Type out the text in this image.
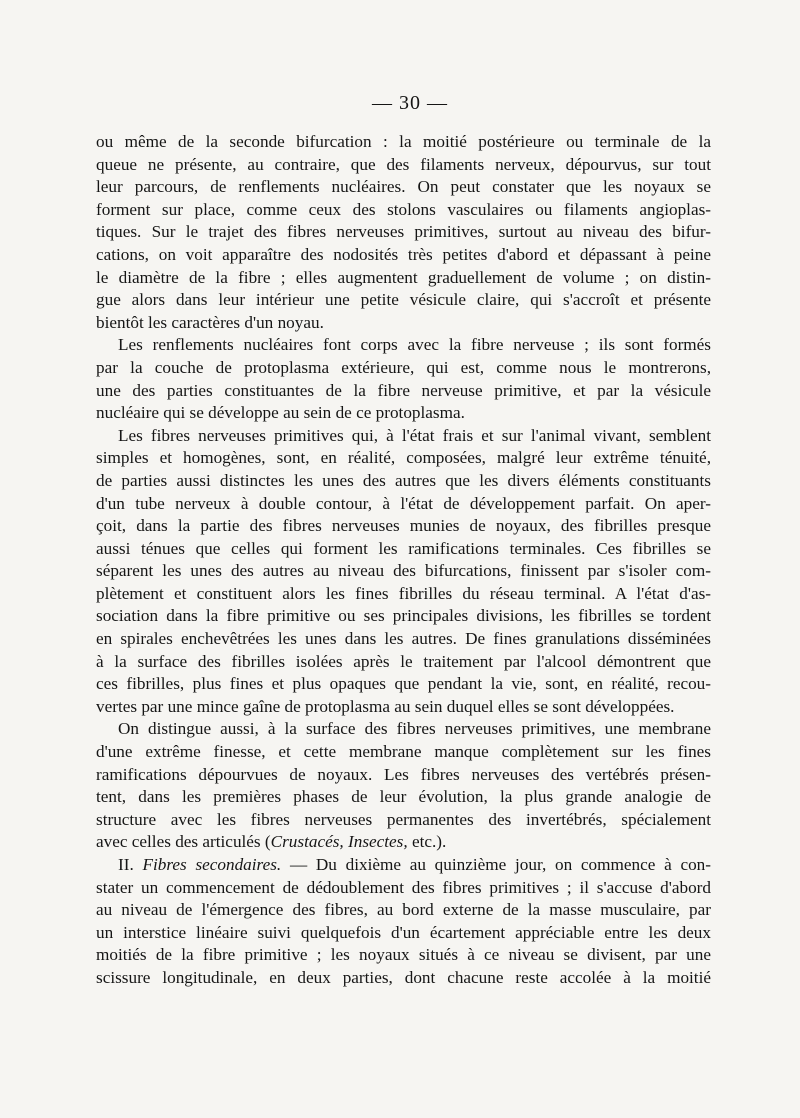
— 30 —
ou même de la seconde bifurcation : la moitié postérieure ou terminale de la
queue ne présente, au contraire, que des filaments nerveux, dépourvus, sur tout
leur parcours, de renflements nucléaires. On peut constater que les noyaux se
forment sur place, comme ceux des stolons vasculaires ou filaments angioplas-
tiques. Sur le trajet des fibres nerveuses primitives, surtout au niveau des bifur-
cations, on voit apparaître des nodosités très petites d'abord et dépassant à peine
le diamètre de la fibre ; elles augmentent graduellement de volume ; on distin-
gue alors dans leur intérieur une petite vésicule claire, qui s'accroît et présente
bientôt les caractères d'un noyau.
Les renflements nucléaires font corps avec la fibre nerveuse ; ils sont formés
par la couche de protoplasma extérieure, qui est, comme nous le montrerons,
une des parties constituantes de la fibre nerveuse primitive, et par la vésicule
nucléaire qui se développe au sein de ce protoplasma.
Les fibres nerveuses primitives qui, à l'état frais et sur l'animal vivant, semblent
simples et homogènes, sont, en réalité, composées, malgré leur extrême ténuité,
de parties aussi distinctes les unes des autres que les divers éléments constituants
d'un tube nerveux à double contour, à l'état de développement parfait. On aper-
çoit, dans la partie des fibres nerveuses munies de noyaux, des fibrilles presque
aussi ténues que celles qui forment les ramifications terminales. Ces fibrilles se
séparent les unes des autres au niveau des bifurcations, finissent par s'isoler com-
plètement et constituent alors les fines fibrilles du réseau terminal. A l'état d'as-
sociation dans la fibre primitive ou ses principales divisions, les fibrilles se tordent
en spirales enchevêtrées les unes dans les autres. De fines granulations disséminées
à la surface des fibrilles isolées après le traitement par l'alcool démontrent que
ces fibrilles, plus fines et plus opaques que pendant la vie, sont, en réalité, recou-
vertes par une mince gaîne de protoplasma au sein duquel elles se sont développées.
On distingue aussi, à la surface des fibres nerveuses primitives, une membrane
d'une extrême finesse, et cette membrane manque complètement sur les fines
ramifications dépourvues de noyaux. Les fibres nerveuses des vertébrés présen-
tent, dans les premières phases de leur évolution, la plus grande analogie de
structure avec les fibres nerveuses permanentes des invertébrés, spécialement
avec celles des articulés (Crustacés, Insectes, etc.).
II. Fibres secondaires. — Du dixième au quinzième jour, on commence à con-
stater un commencement de dédoublement des fibres primitives ; il s'accuse d'abord
au niveau de l'émergence des fibres, au bord externe de la masse musculaire, par
un interstice linéaire suivi quelquefois d'un écartement appréciable entre les deux
moitiés de la fibre primitive ; les noyaux situés à ce niveau se divisent, par une
scissure longitudinale, en deux parties, dont chacune reste accolée à la moitié
